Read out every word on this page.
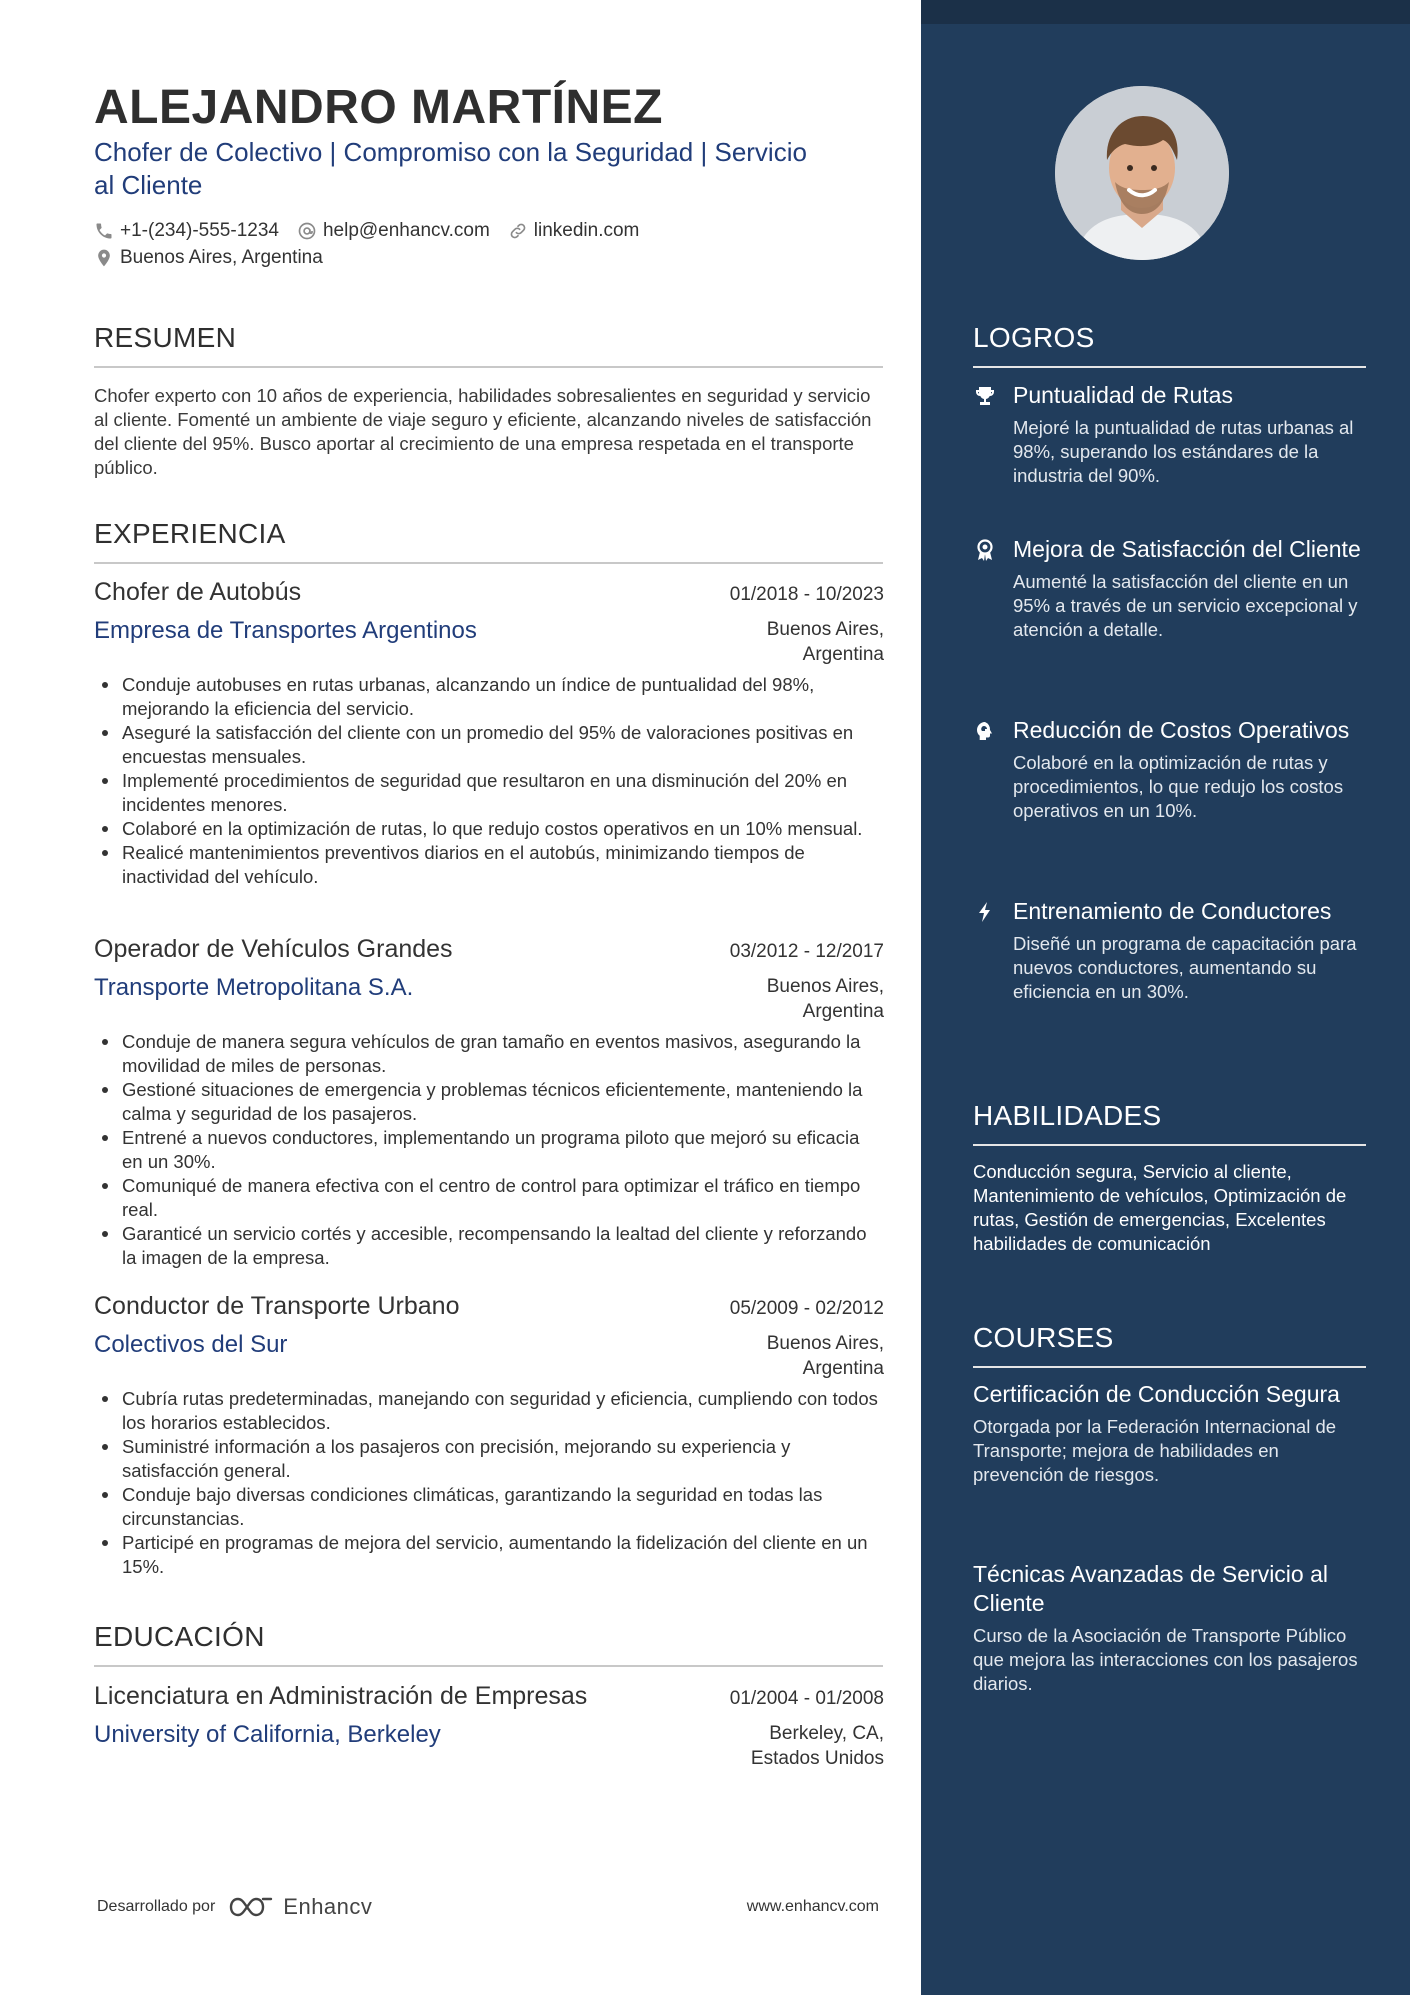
ALEJANDRO MARTÍNEZ
Chofer de Colectivo | Compromiso con la Seguridad | Servicio al Cliente
+1-(234)-555-1234 help@enhancv.com linkedin.com
Buenos Aires, Argentina
RESUMEN
Chofer experto con 10 años de experiencia, habilidades sobresalientes en seguridad y servicio al cliente. Fomenté un ambiente de viaje seguro y eficiente, alcanzando niveles de satisfacción del cliente del 95%. Busco aportar al crecimiento de una empresa respetada en el transporte público.
EXPERIENCIA
Chofer de Autobús	01/2018 - 10/2023
Empresa de Transportes Argentinos	Buenos Aires, Argentina
Conduje autobuses en rutas urbanas, alcanzando un índice de puntualidad del 98%, mejorando la eficiencia del servicio.
Aseguré la satisfacción del cliente con un promedio del 95% de valoraciones positivas en encuestas mensuales.
Implementé procedimientos de seguridad que resultaron en una disminución del 20% en incidentes menores.
Colaboré en la optimización de rutas, lo que redujo costos operativos en un 10% mensual.
Realicé mantenimientos preventivos diarios en el autobús, minimizando tiempos de inactividad del vehículo.
Operador de Vehículos Grandes	03/2012 - 12/2017
Transporte Metropolitana S.A.	Buenos Aires, Argentina
Conduje de manera segura vehículos de gran tamaño en eventos masivos, asegurando la movilidad de miles de personas.
Gestioné situaciones de emergencia y problemas técnicos eficientemente, manteniendo la calma y seguridad de los pasajeros.
Entrené a nuevos conductores, implementando un programa piloto que mejoró su eficacia en un 30%.
Comuniqué de manera efectiva con el centro de control para optimizar el tráfico en tiempo real.
Garanticé un servicio cortés y accesible, recompensando la lealtad del cliente y reforzando la imagen de la empresa.
Conductor de Transporte Urbano	05/2009 - 02/2012
Colectivos del Sur	Buenos Aires, Argentina
Cubría rutas predeterminadas, manejando con seguridad y eficiencia, cumpliendo con todos los horarios establecidos.
Suministré información a los pasajeros con precisión, mejorando su experiencia y satisfacción general.
Conduje bajo diversas condiciones climáticas, garantizando la seguridad en todas las circunstancias.
Participé en programas de mejora del servicio, aumentando la fidelización del cliente en un 15%.
EDUCACIÓN
Licenciatura en Administración de Empresas	01/2004 - 01/2008
University of California, Berkeley	Berkeley, CA, Estados Unidos
Desarrollado por	Enhancv	www.enhancv.com
LOGROS
Puntualidad de Rutas
Mejoré la puntualidad de rutas urbanas al 98%, superando los estándares de la industria del 90%.
Mejora de Satisfacción del Cliente
Aumenté la satisfacción del cliente en un 95% a través de un servicio excepcional y atención a detalle.
Reducción de Costos Operativos
Colaboré en la optimización de rutas y procedimientos, lo que redujo los costos operativos en un 10%.
Entrenamiento de Conductores
Diseñé un programa de capacitación para nuevos conductores, aumentando su eficiencia en un 30%.
HABILIDADES
Conducción segura, Servicio al cliente, Mantenimiento de vehículos, Optimización de rutas, Gestión de emergencias, Excelentes habilidades de comunicación
COURSES
Certificación de Conducción Segura
Otorgada por la Federación Internacional de Transporte; mejora de habilidades en prevención de riesgos.
Técnicas Avanzadas de Servicio al Cliente
Curso de la Asociación de Transporte Público que mejora las interacciones con los pasajeros diarios.
